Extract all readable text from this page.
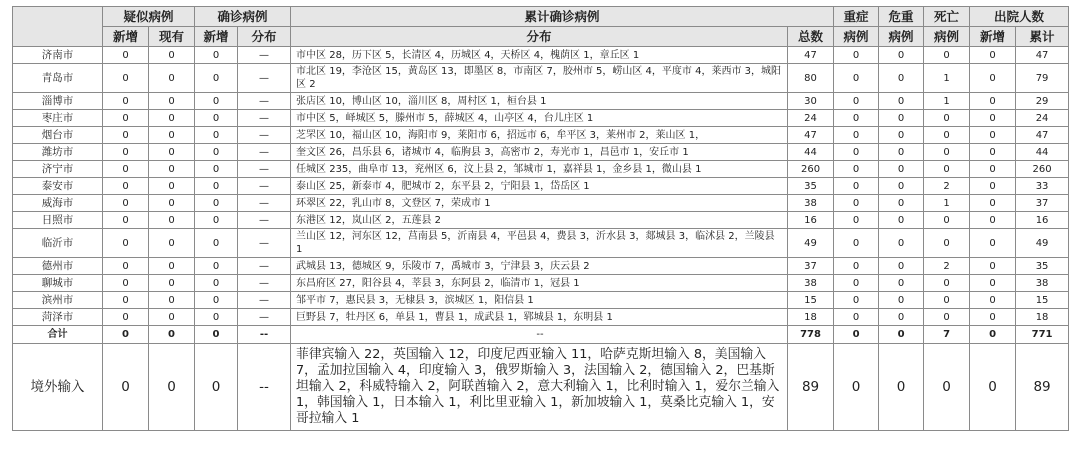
	疑似病例		确诊病例		累计确诊病例		重症	危重	死亡	出院人数	
	新增	现有	新增	分布	分布	总数	病例	病例	病例	新增	累计
济南市	0	0	0	—	市中区 28，历下区 5，长清区 4，历城区 4，天桥区 4，槐荫区 1，章丘区 1	47	0	0	0	0	47
青岛市	0	0	0	—	市北区 19，李沧区 15，黄岛区 13，即墨区 8，市南区 7，胶州市 5，崂山区 4，平度市 4，莱西市 3，城阳区 2	80	0	0	1	0	79
淄博市	0	0	0	—	张店区 10，博山区 10，淄川区 8，周村区 1，桓台县 1	30	0	0	1	0	29
枣庄市	0	0	0	—	市中区 5，峄城区 5，滕州市 5，薛城区 4，山亭区 4，台儿庄区 1	24	0	0	0	0	24
烟台市	0	0	0	—	芝罘区 10，福山区 10，海阳市 9，莱阳市 6，招远市 6，牟平区 3，莱州市 2，莱山区 1，	47	0	0	0	0	47
潍坊市	0	0	0	—	奎文区 26，昌乐县 6，诸城市 4，临朐县 3，高密市 2，寿光市 1，昌邑市 1，安丘市 1	44	0	0	0	0	44
济宁市	0	0	0	—	任城区 235，曲阜市 13，兖州区 6，汶上县 2，邹城市 1，嘉祥县 1，金乡县 1，微山县 1	260	0	0	0	0	260
泰安市	0	0	0	—	泰山区 25，新泰市 4，肥城市 2，东平县 2，宁阳县 1，岱岳区 1	35	0	0	2	0	33
威海市	0	0	0	—	环翠区 22，乳山市 8，文登区 7，荣成市 1	38	0	0	1	0	37
日照市	0	0	0	—	东港区 12，岚山区 2，五莲县 2	16	0	0	0	0	16
临沂市	0	0	0	—	兰山区 12，河东区 12，莒南县 5，沂南县 4，平邑县 4，费县 3，沂水县 3，郯城县 3，临沭县 2，兰陵县 1	49	0	0	0	0	49
德州市	0	0	0	—	武城县 13，德城区 9，乐陵市 7，禹城市 3，宁津县 3，庆云县 2	37	0	0	2	0	35
聊城市	0	0	0	—	东昌府区 27，阳谷县 4，莘县 3，东阿县 2，临清市 1，冠县 1	38	0	0	0	0	38
滨州市	0	0	0	—	邹平市 7，惠民县 3，无棣县 3，滨城区 1，阳信县 1	15	0	0	0	0	15
菏泽市	0	0	0	—	巨野县 7，牡丹区 6，单县 1，曹县 1，成武县 1，郓城县 1，东明县 1	18	0	0	0	0	18
合计	0	0	0	--	--	778	0	0	7	0	771
境外输入	0	0	0	--	菲律宾输入 22，英国输入 12，印度尼西亚输入 11，哈萨克斯坦输入 8，美国输入 7，孟加拉国输入 4，印度输入 3，俄罗斯输入 3，法国输入 2，德国输入 2，巴基斯坦输入 2，科威特输入 2，阿联酋输入 2，意大利输入 1，比利时输入 1，爱尔兰输入 1，韩国输入 1，日本输入 1，利比里亚输入 1，新加坡输入 1，莫桑比克输入 1，安哥拉输入 1	89	0	0	0	0	89
